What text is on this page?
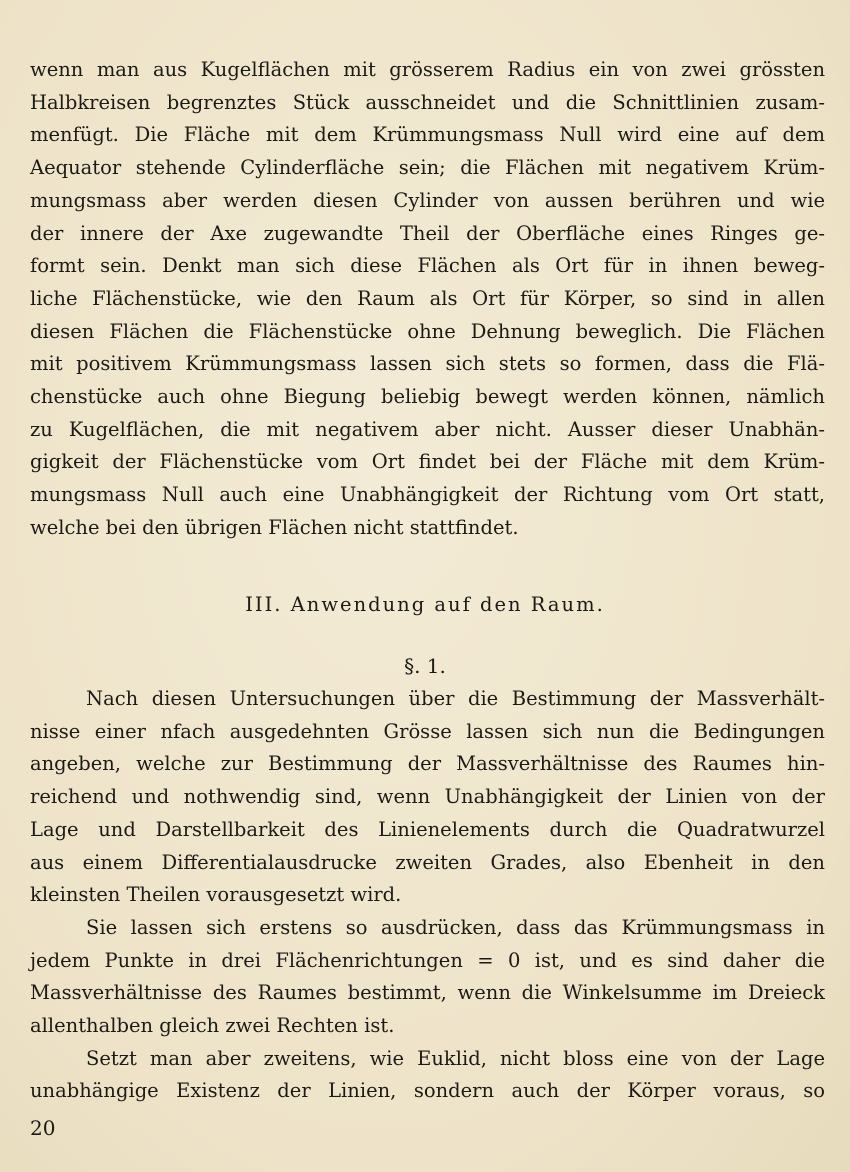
wenn man aus Kugelflächen mit grösserem Radius ein von zwei grössten
Halbkreisen begrenztes Stück ausschneidet und die Schnittlinien zusam-
menfügt. Die Fläche mit dem Krümmungsmass Null wird eine auf dem
Aequator stehende Cylinderfläche sein; die Flächen mit negativem Krüm-
mungsmass aber werden diesen Cylinder von aussen berühren und wie
der innere der Axe zugewandte Theil der Oberfläche eines Ringes ge-
formt sein. Denkt man sich diese Flächen als Ort für in ihnen beweg-
liche Flächenstücke, wie den Raum als Ort für Körper, so sind in allen
diesen Flächen die Flächenstücke ohne Dehnung beweglich. Die Flächen
mit positivem Krümmungsmass lassen sich stets so formen, dass die Flä-
chenstücke auch ohne Biegung beliebig bewegt werden können, nämlich
zu Kugelflächen, die mit negativem aber nicht. Ausser dieser Unabhän-
gigkeit der Flächenstücke vom Ort findet bei der Fläche mit dem Krüm-
mungsmass Null auch eine Unabhängigkeit der Richtung vom Ort statt,
welche bei den übrigen Flächen nicht stattfindet.
III. Anwendung auf den Raum.
§. 1.
Nach diesen Untersuchungen über die Bestimmung der Massverhält-
nisse einer nfach ausgedehnten Grösse lassen sich nun die Bedingungen
angeben, welche zur Bestimmung der Massverhältnisse des Raumes hin-
reichend und nothwendig sind, wenn Unabhängigkeit der Linien von der
Lage und Darstellbarkeit des Linienelements durch die Quadratwurzel
aus einem Differentialausdrucke zweiten Grades, also Ebenheit in den
kleinsten Theilen vorausgesetzt wird.
Sie lassen sich erstens so ausdrücken, dass das Krümmungsmass in
jedem Punkte in drei Flächenrichtungen = 0 ist, und es sind daher die
Massverhältnisse des Raumes bestimmt, wenn die Winkelsumme im Dreieck
allenthalben gleich zwei Rechten ist.
Setzt man aber zweitens, wie Euklid, nicht bloss eine von der Lage
unabhängige Existenz der Linien, sondern auch der Körper voraus, so
20
